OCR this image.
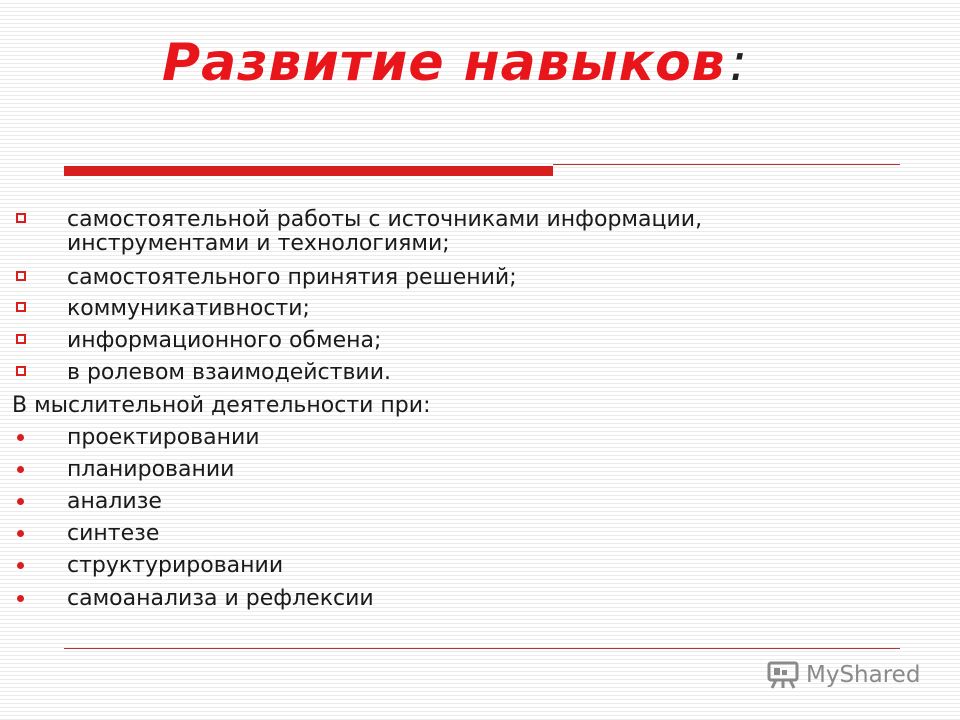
Развитие навыков:
самостоятельной работы с источниками информации,
инструментами и технологиями;
самостоятельного принятия решений;
коммуникативности;
информационного обмена;
в ролевом взаимодействии.
В мыслительной деятельности при:
проектировании
планировании
анализе
синтезе
структурировании
самоанализа и рефлексии
MyShared
